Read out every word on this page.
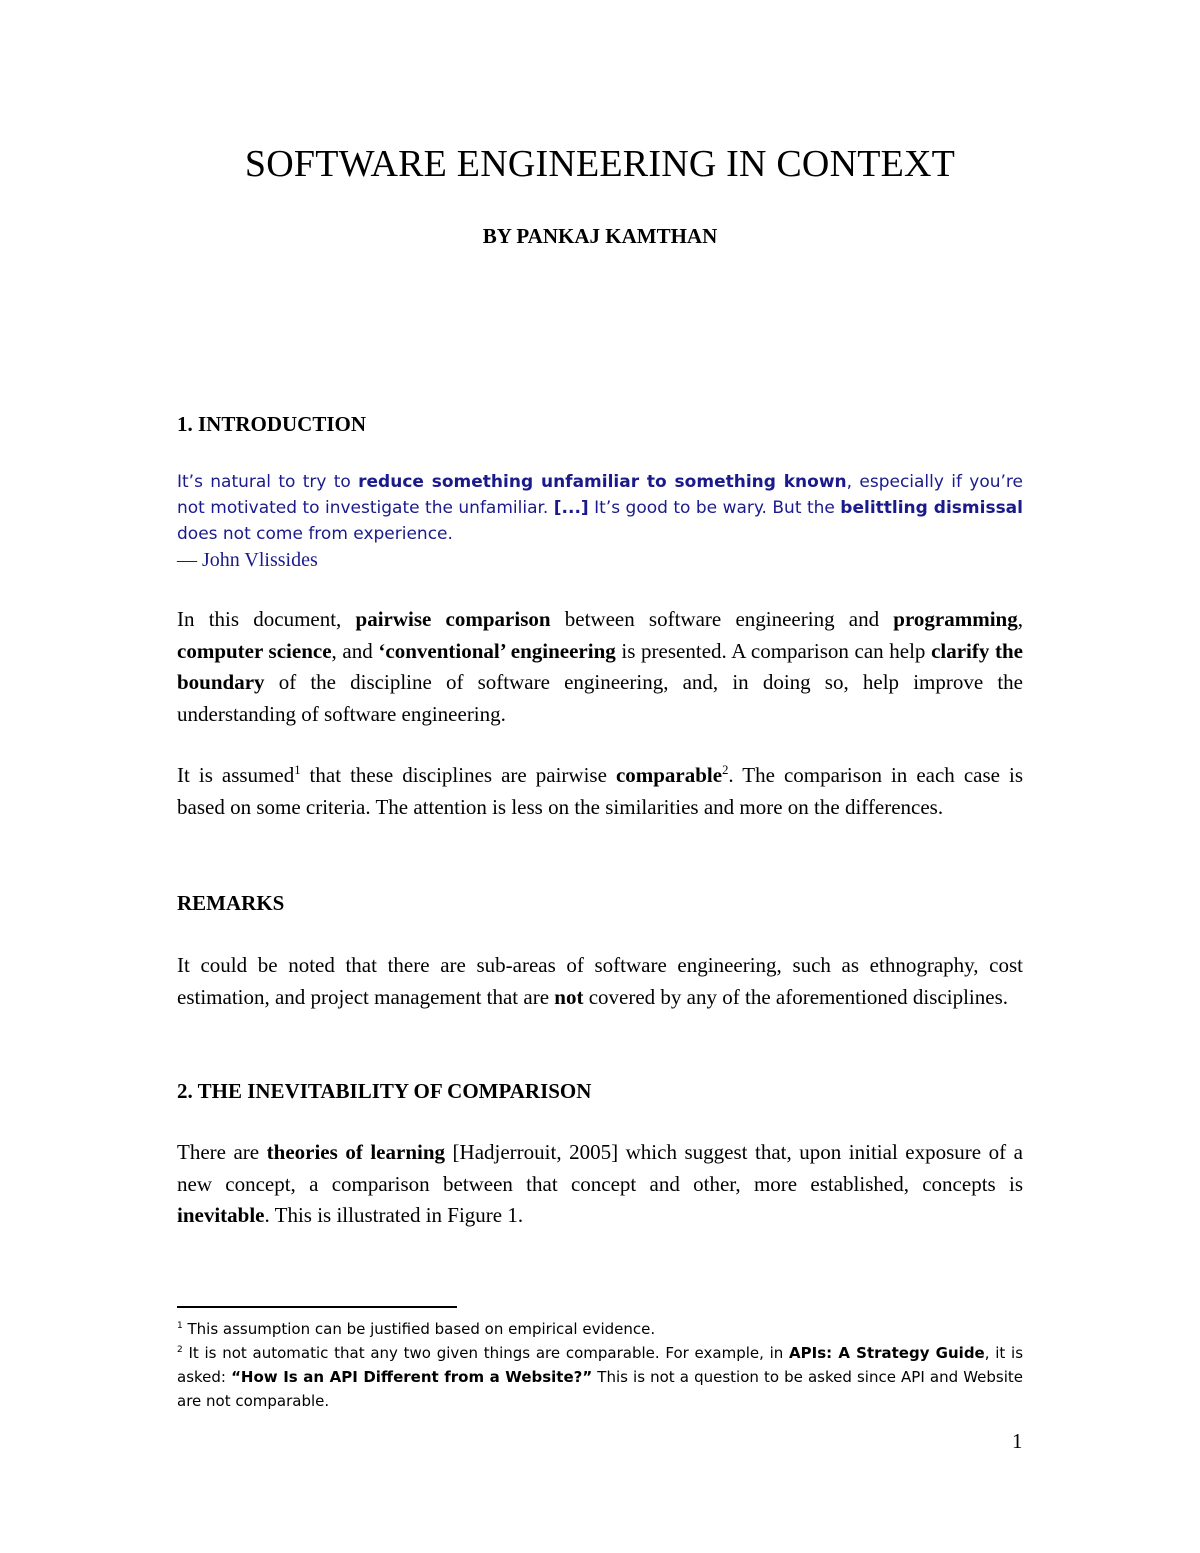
SOFTWARE ENGINEERING IN CONTEXT
BY PANKAJ KAMTHAN
1. INTRODUCTION
It’s natural to try to reduce something unfamiliar to something known, especially if you’re not motivated to investigate the unfamiliar. [...] It’s good to be wary. But the belittling dismissal does not come from experience.
— John Vlissides

In this document, pairwise comparison between software engineering and programming, computer science, and ‘conventional’ engineering is presented. A comparison can help clarify the boundary of the discipline of software engineering, and, in doing so, help improve the understanding of software engineering.

It is assumed$^1$ that these disciplines are pairwise comparable$^2$. The comparison in each case is based on some criteria. The attention is less on the similarities and more on the differences.

REMARKS

It could be noted that there are sub-areas of software engineering, such as ethnography, cost estimation, and project management that are not covered by any of the aforementioned disciplines.

2. THE INEVITABILITY OF COMPARISON

There are theories of learning [Hadjerrouit, 2005] which suggest that, upon initial exposure of a new concept, a comparison between that concept and other, more established, concepts is inevitable. This is illustrated in Figure 1.

$^1$ This assumption can be justified based on empirical evidence.

$^2$ It is not automatic that any two given things are comparable. For example, in APIs: A Strategy Guide, it is asked: “How Is an API Different from a Website?” This is not a question to be asked since API and Website are not comparable.

1
